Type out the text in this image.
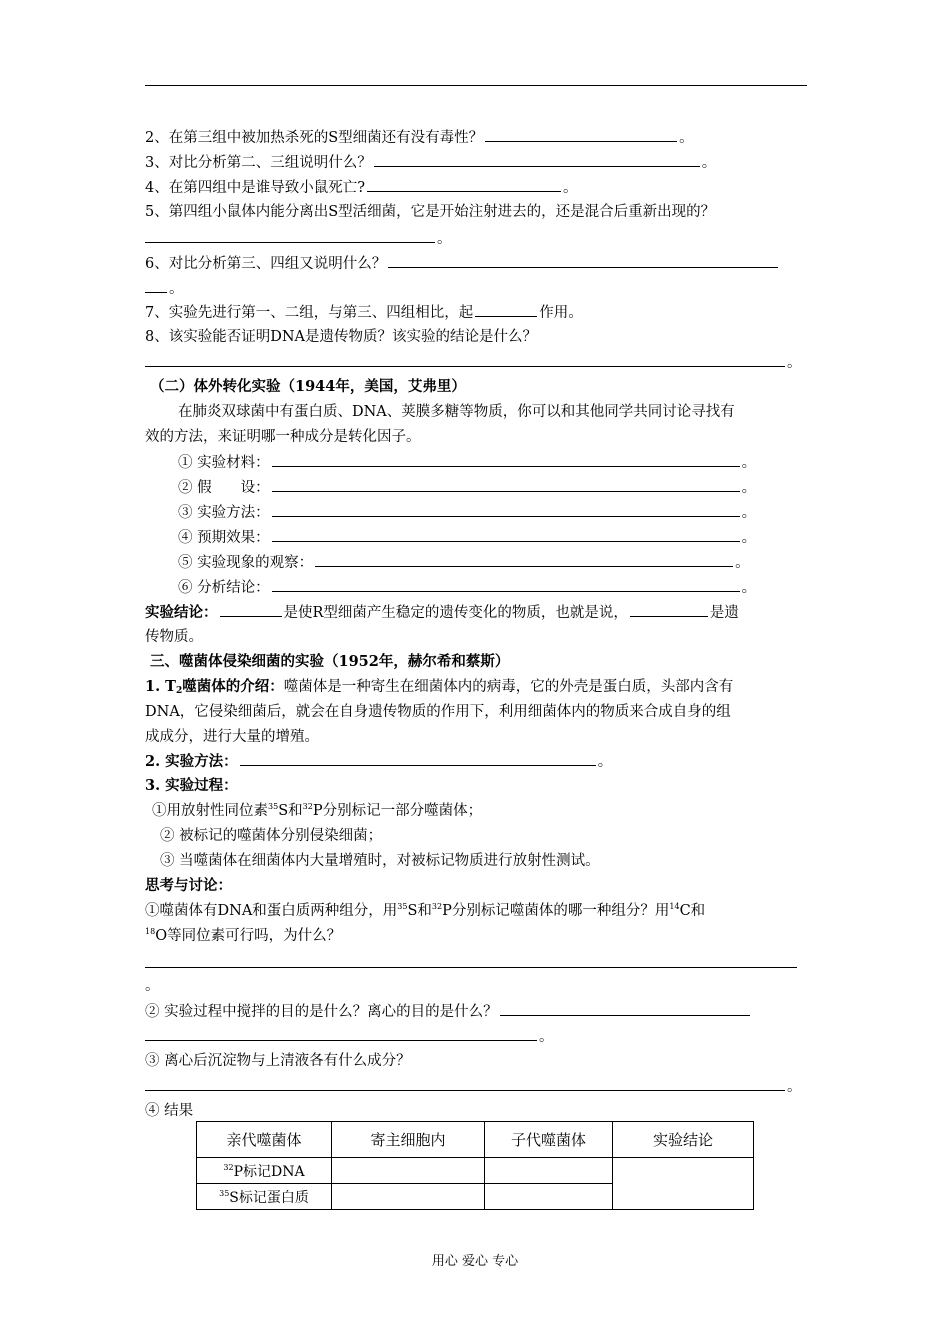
2、在第三组中被加热杀死的S型细菌还有没有毒性？	。
3、对比分析第二、三组说明什么？	。
4、在第四组中是谁导致小鼠死亡?	。
5、第四组小鼠体内能分离出S型活细菌，它是开始注射进去的，还是混合后重新出现的？
。
6、对比分析第三、四组又说明什么？
。
7、实验先进行第一、二组，与第三、四组相比，起	作用。
8、该实验能否证明DNA是遗传物质？该实验的结论是什么？
。
（二）体外转化实验（1944年，美国，艾弗里）
在肺炎双球菌中有蛋白质、DNA、荚膜多糖等物质，你可以和其他同学共同讨论寻找有
效的方法，来证明哪一种成分是转化因子。
① 实验材料：	。
② 假　　设：	。
③ 实验方法：	。
④ 预期效果：	。
⑤ 实验现象的观察：	。
⑥ 分析结论：	。
实验结论：	是使R型细菌产生稳定的遗传变化的物质，也就是说，	是遗
传物质。
三、噬菌体侵染细菌的实验（1952年，赫尔希和蔡斯）
1. $T_2$噬菌体的介绍：噬菌体是一种寄生在细菌体内的病毒，它的外壳是蛋白质，头部内含有
DNA，它侵染细菌后，就会在自身遗传物质的作用下，利用细菌体内的物质来合成自身的组
成成分，进行大量的增殖。
2. 实验方法：	。
3. 实验过程：
①用放射性同位素$^{35}$S和$^{32}$P分别标记一部分噬菌体；
② 被标记的噬菌体分别侵染细菌；
③ 当噬菌体在细菌体内大量增殖时，对被标记物质进行放射性测试。
思考与讨论：
①噬菌体有DNA和蛋白质两种组分，用$^{35}$S和$^{32}$P分别标记噬菌体的哪一种组分？用$^{14}$C和
$^{18}$O等同位素可行吗，为什么？
。
② 实验过程中搅拌的目的是什么？离心的目的是什么？
。
③ 离心后沉淀物与上清液各有什么成分？
。
④ 结果
亲代噬菌体	寄主细胞内	子代噬菌体	实验结论
$^{32}$P标记DNA			
$^{35}$S标记蛋白质			
用心 爱心 专心
